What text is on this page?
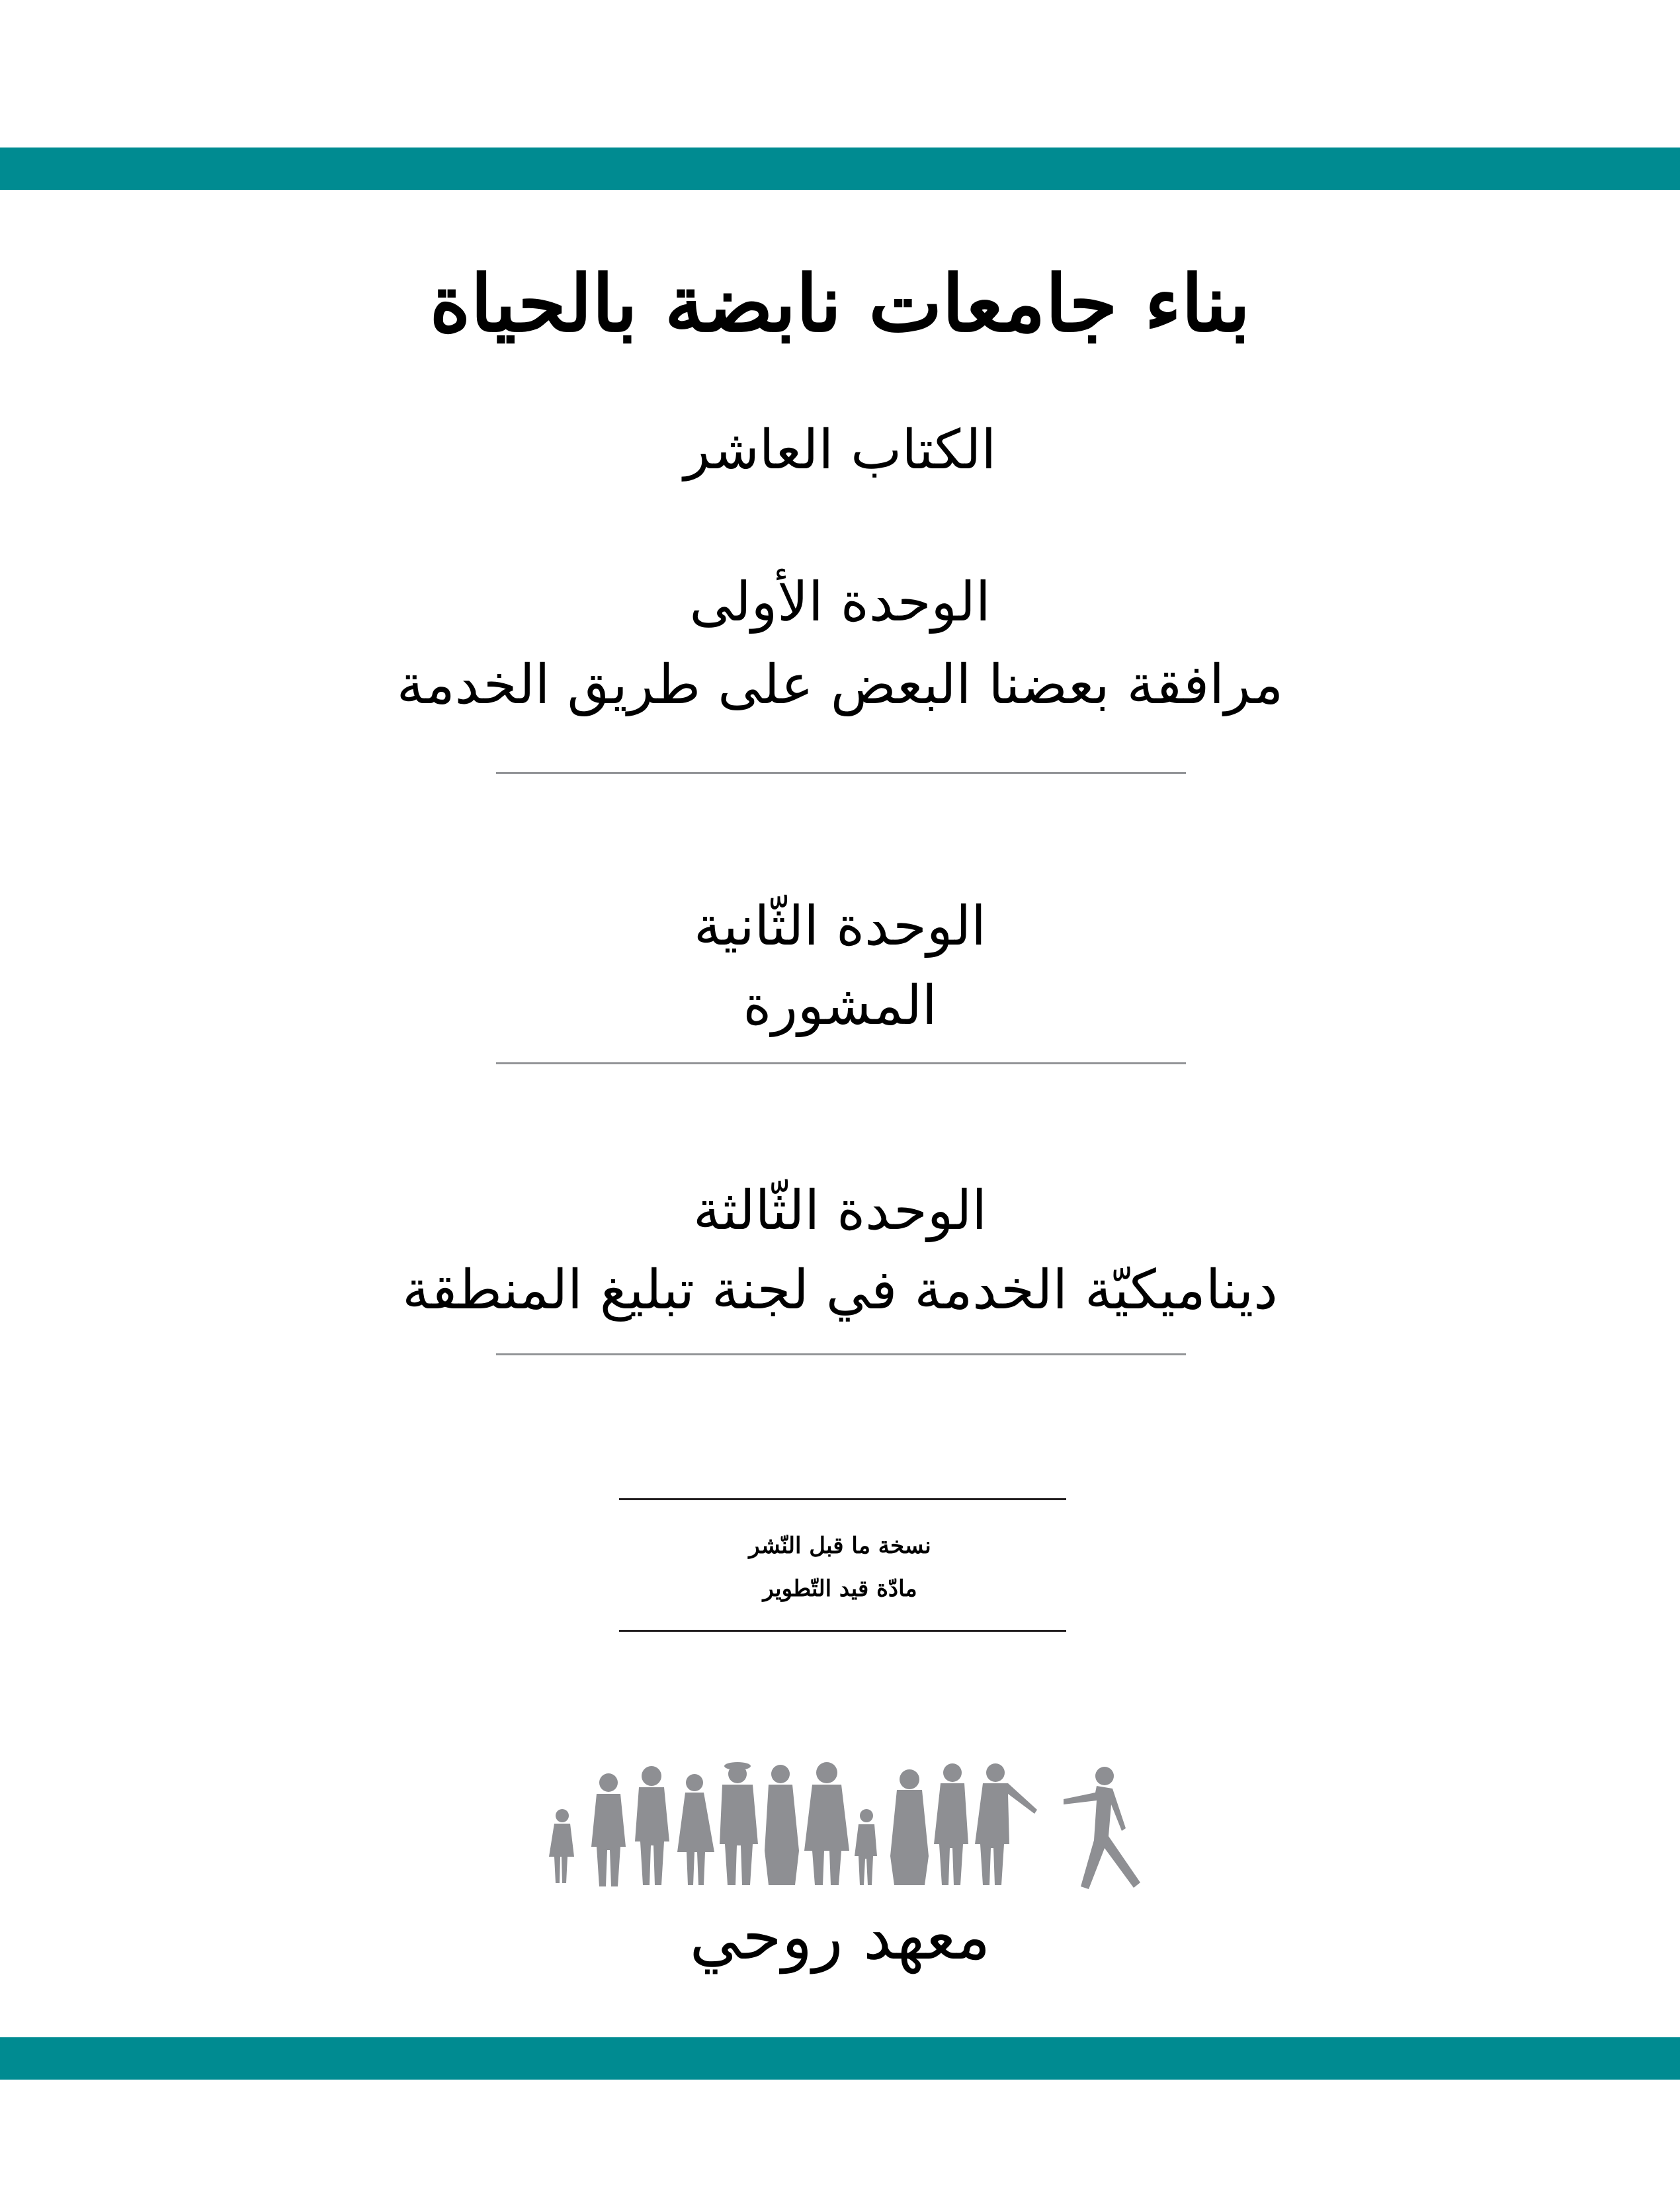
بناء جامعات نابضة بالحياة
الكتاب العاشر
الوحدة الأولى
مرافقة بعضنا البعض على طريق الخدمة
الوحدة الثّانية
المشورة
الوحدة الثّالثة
ديناميكيّة الخدمة في لجنة تبليغ المنطقة
نسخة ما قبل النّشر
مادّة قيد التّطوير
معهد روحي
